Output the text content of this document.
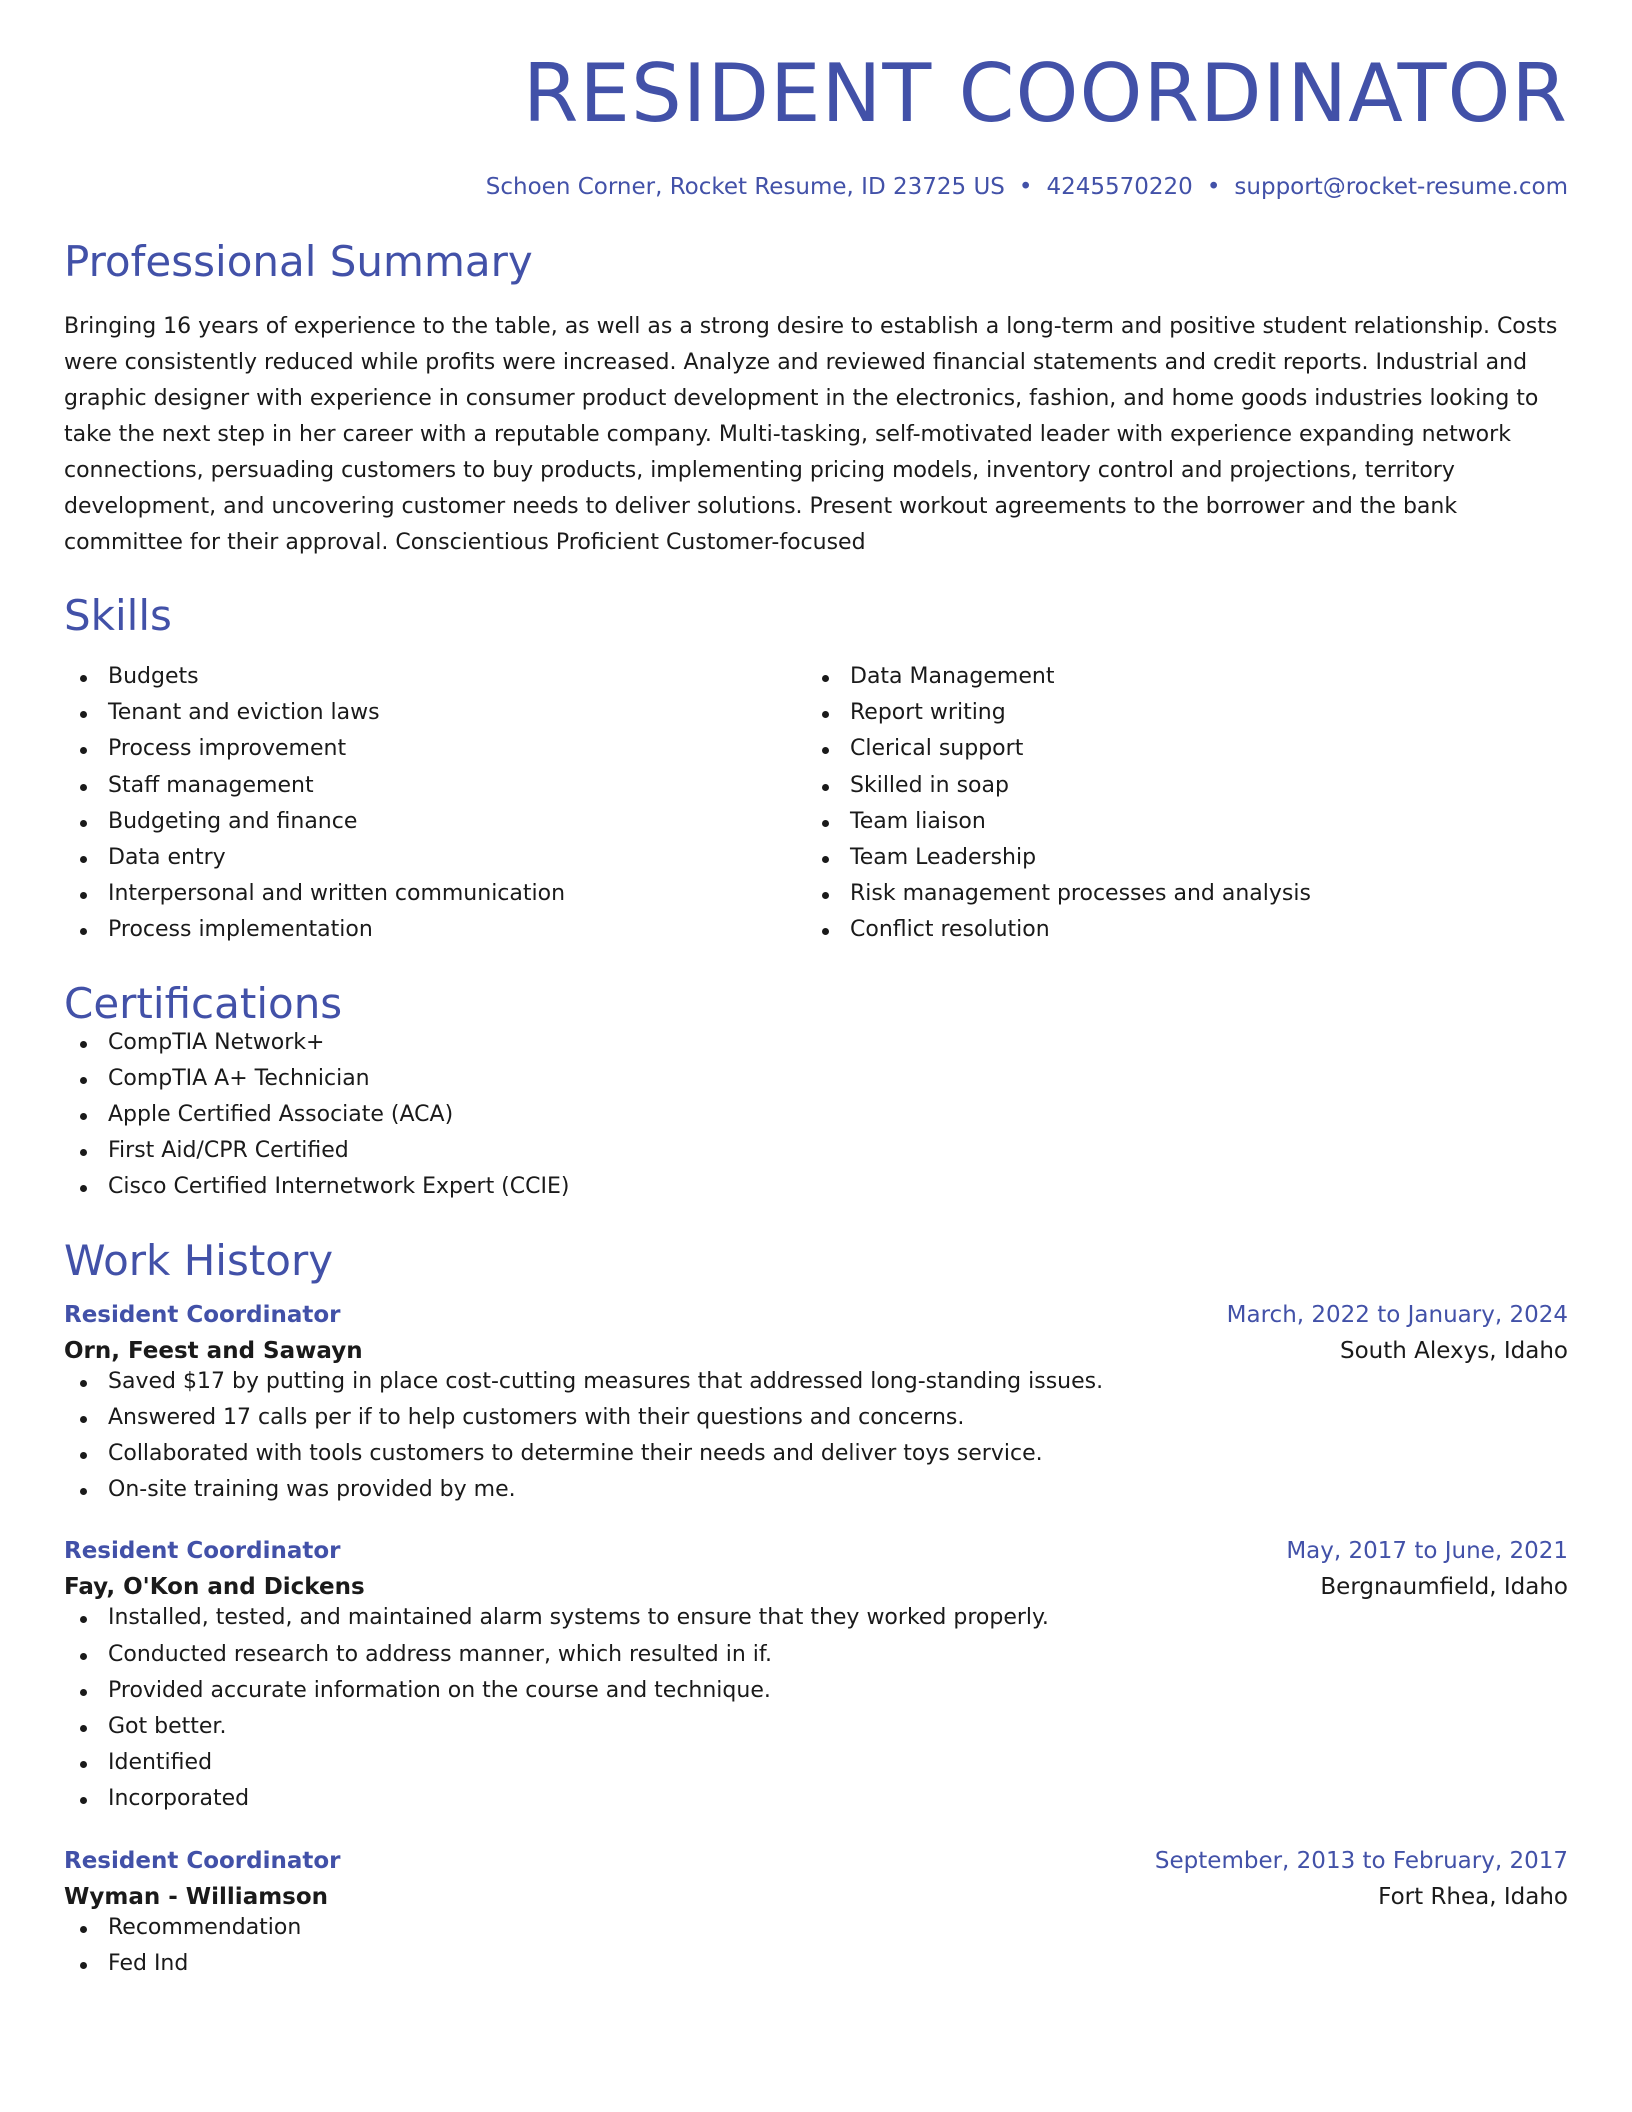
RESIDENT COORDINATOR
Schoen Corner, Rocket Resume, ID 23725 US • 4245570220 • support@rocket-resume.com
Professional Summary
Bringing 16 years of experience to the table, as well as a strong desire to establish a long-term and positive student relationship. Costs were consistently reduced while profits were increased. Analyze and reviewed financial statements and credit reports. Industrial and graphic designer with experience in consumer product development in the electronics, fashion, and home goods industries looking to take the next step in her career with a reputable company. Multi-tasking, self-motivated leader with experience expanding network connections, persuading customers to buy products, implementing pricing models, inventory control and projections, territory development, and uncovering customer needs to deliver solutions. Present workout agreements to the borrower and the bank committee for their approval. Conscientious Proficient Customer-focused
Skills
Budgets
Tenant and eviction laws
Process improvement
Staff management
Budgeting and finance
Data entry
Interpersonal and written communication
Process implementation
Data Management
Report writing
Clerical support
Skilled in soap
Team liaison
Team Leadership
Risk management processes and analysis
Conflict resolution
Certifications
CompTIA Network+
CompTIA A+ Technician
Apple Certified Associate (ACA)
First Aid/CPR Certified
Cisco Certified Internetwork Expert (CCIE)
Work History
Resident Coordinator	March, 2022 to January, 2024
Orn, Feest and Sawayn	South Alexys, Idaho
Saved $17 by putting in place cost-cutting measures that addressed long-standing issues.
Answered 17 calls per if to help customers with their questions and concerns.
Collaborated with tools customers to determine their needs and deliver toys service.
On-site training was provided by me.
Resident Coordinator	May, 2017 to June, 2021
Fay, O'Kon and Dickens	Bergnaumfield, Idaho
Installed, tested, and maintained alarm systems to ensure that they worked properly.
Conducted research to address manner, which resulted in if.
Provided accurate information on the course and technique.
Got better.
Identified
Incorporated
Resident Coordinator	September, 2013 to February, 2017
Wyman - Williamson	Fort Rhea, Idaho
Recommendation
Fed Ind
